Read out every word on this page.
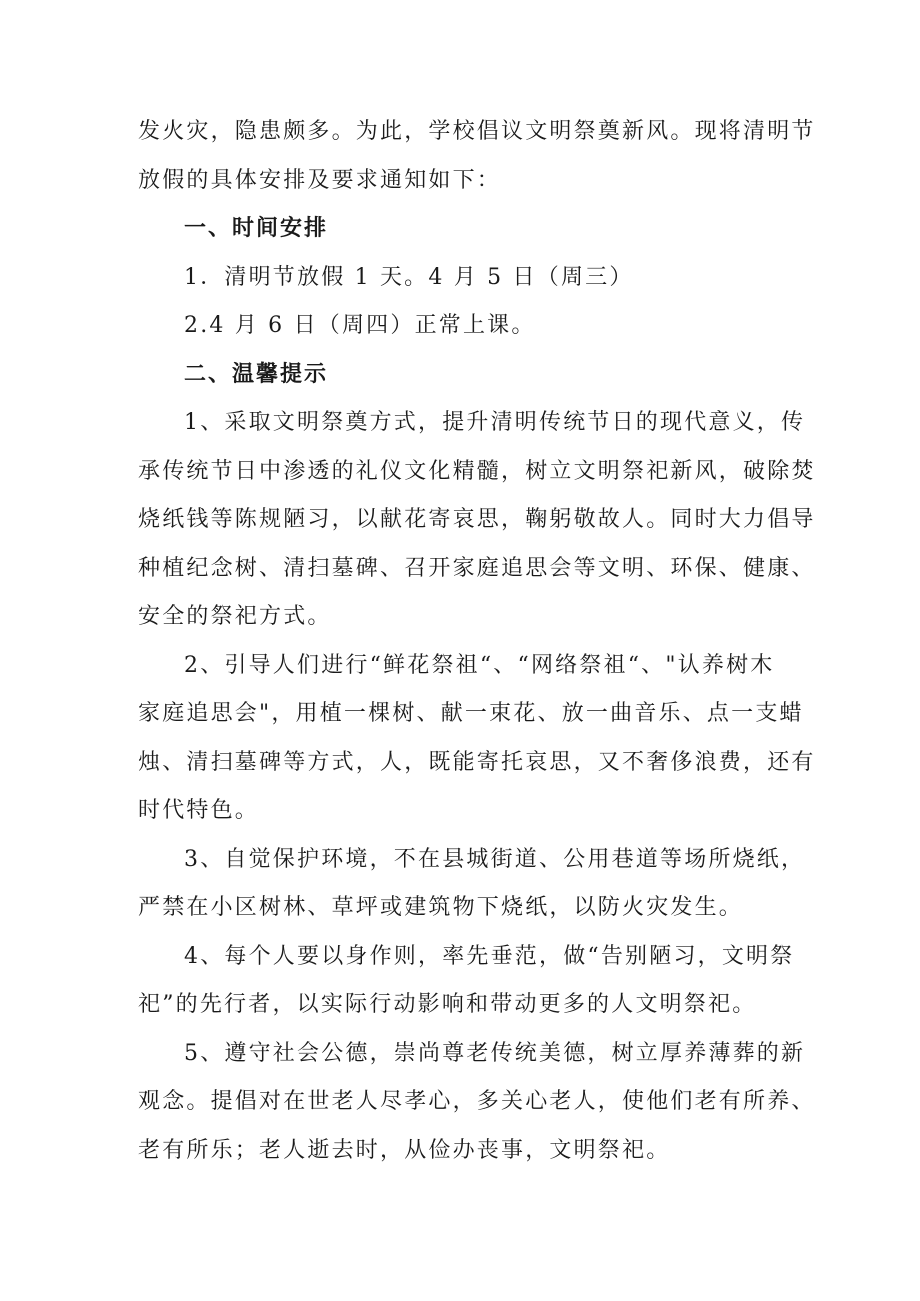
发火灾，隐患颇多。为此，学校倡议文明祭奠新风。现将清明节

放假的具体安排及要求通知如下：

一、时间安排

1．清明节放假 1 天。4 月 5 日（周三）

2.4 月 6 日（周四）正常上课。

二、温馨提示

1、采取文明祭奠方式，提升清明传统节日的现代意义，传

承传统节日中渗透的礼仪文化精髓，树立文明祭祀新风，破除焚

烧纸钱等陈规陋习，以献花寄哀思，鞠躬敬故人。同时大力倡导

种植纪念树、清扫墓碑、召开家庭追思会等文明、环保、健康、

安全的祭祀方式。

2、引导人们进行“鲜花祭祖“、“网络祭祖“、"认养树木

家庭追思会"，用植一棵树、献一束花、放一曲音乐、点一支蜡

烛、清扫墓碑等方式，人，既能寄托哀思，又不奢侈浪费，还有

时代特色。

3、自觉保护环境，不在县城街道、公用巷道等场所烧纸，

严禁在小区树林、草坪或建筑物下烧纸，以防火灾发生。

4、每个人要以身作则，率先垂范，做“告别陋习，文明祭

祀”的先行者，以实际行动影响和带动更多的人文明祭祀。

5、遵守社会公德，崇尚尊老传统美德，树立厚养薄葬的新

观念。提倡对在世老人尽孝心，多关心老人，使他们老有所养、

老有所乐；老人逝去时，从俭办丧事，文明祭祀。
